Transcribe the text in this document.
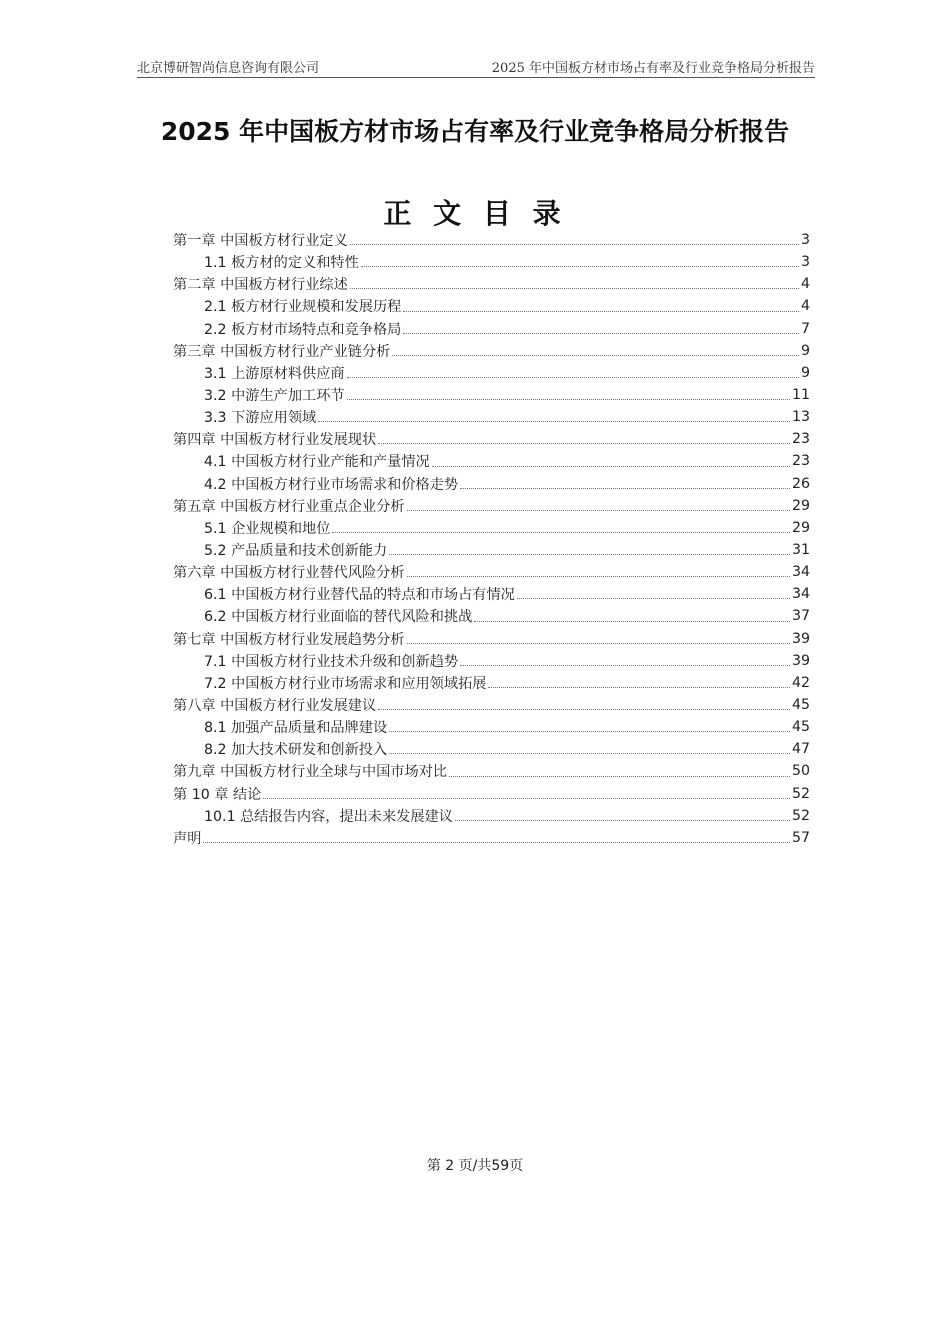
北京博研智尚信息咨询有限公司	2025 年中国板方材市场占有率及行业竞争格局分析报告
2025 年中国板方材市场占有率及行业竞争格局分析报告
正 文 目 录
第一章 中国板方材行业定义	3
1.1 板方材的定义和特性	3
第二章 中国板方材行业综述	4
2.1 板方材行业规模和发展历程	4
2.2 板方材市场特点和竞争格局	7
第三章 中国板方材行业产业链分析	9
3.1 上游原材料供应商	9
3.2 中游生产加工环节	11
3.3 下游应用领域	13
第四章 中国板方材行业发展现状	23
4.1 中国板方材行业产能和产量情况	23
4.2 中国板方材行业市场需求和价格走势	26
第五章 中国板方材行业重点企业分析	29
5.1 企业规模和地位	29
5.2 产品质量和技术创新能力	31
第六章 中国板方材行业替代风险分析	34
6.1 中国板方材行业替代品的特点和市场占有情况	34
6.2 中国板方材行业面临的替代风险和挑战	37
第七章 中国板方材行业发展趋势分析	39
7.1 中国板方材行业技术升级和创新趋势	39
7.2 中国板方材行业市场需求和应用领域拓展	42
第八章 中国板方材行业发展建议	45
8.1 加强产品质量和品牌建设	45
8.2 加大技术研发和创新投入	47
第九章 中国板方材行业全球与中国市场对比	50
第 10 章 结论	52
10.1 总结报告内容，提出未来发展建议	52
声明	57
第 2 页/共59页
